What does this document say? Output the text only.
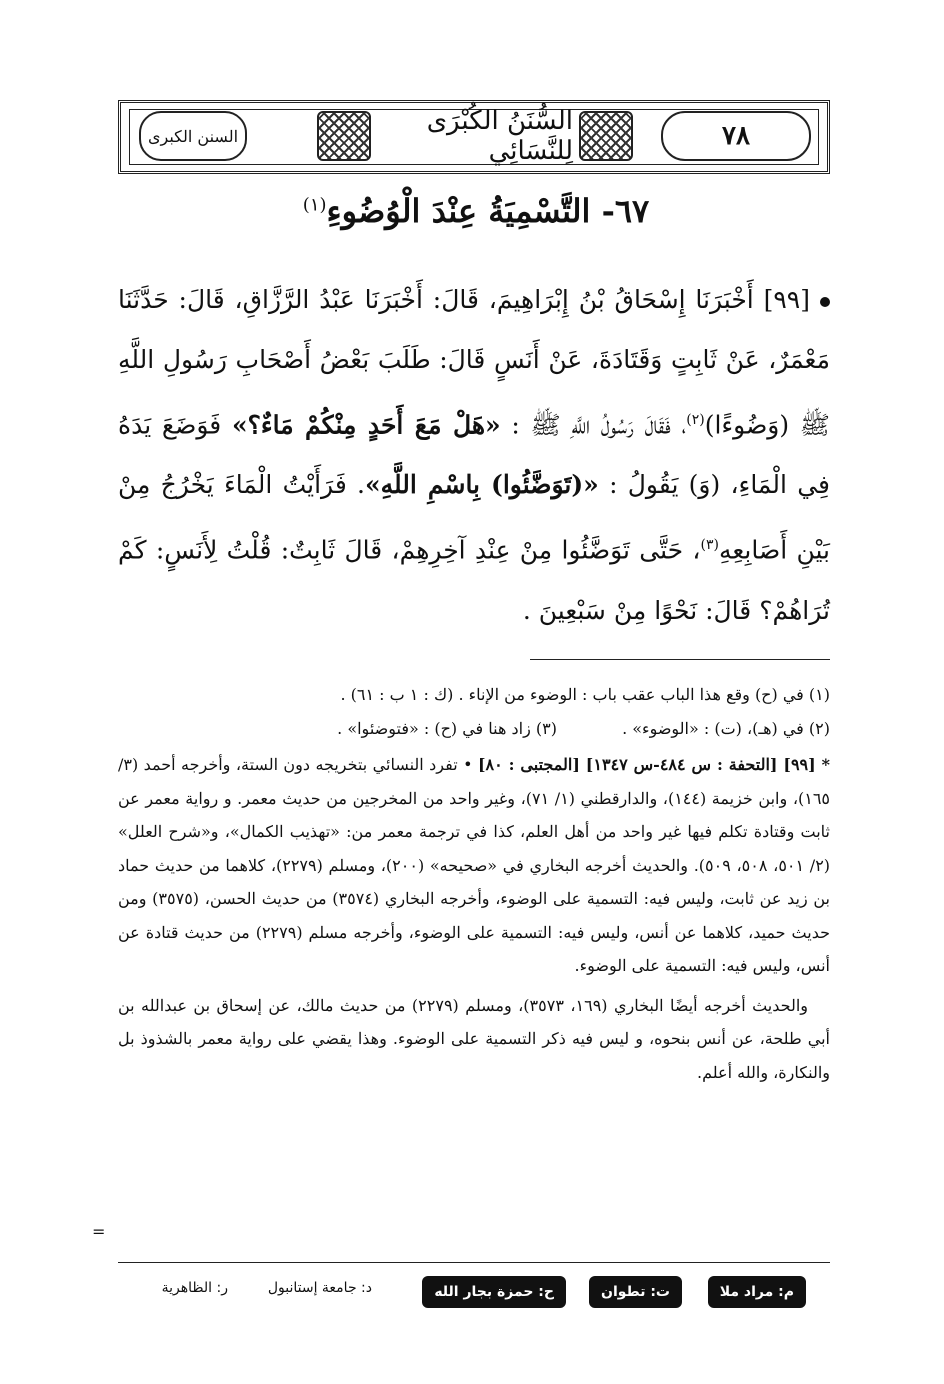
السنن الكبرى	السُّنَنُ الكُبْرَى لِلنَّسَائِي	٧٨
٦٧- التَّسْمِيَةُ عِنْدَ الْوُضُوءِ$^{(١)}$
[٩٩] أَخْبَرَنَا إِسْحَاقُ بْنُ إِبْرَاهِيمَ، قَالَ: أَخْبَرَنَا عَبْدُ الرَّزَّاقِ، قَالَ: حَدَّثَنَا مَعْمَرٌ، عَنْ ثَابِتٍ وَقَتَادَةَ، عَنْ أَنَسٍ قَالَ: طَلَبَ بَعْضُ أَصْحَابِ رَسُولِ اللَّهِ ﷺ (وَضُوءًا)$^{(٢)}$، فَقَالَ رَسُولُ اللَّهِ ﷺ : «هَلْ مَعَ أَحَدٍ مِنْكُمْ مَاءٌ؟» فَوَضَعَ يَدَهُ فِي الْمَاءِ، (وَ) يَقُولُ : «(تَوَضَّئُوا) بِاسْمِ اللَّهِ». فَرَأَيْتُ الْمَاءَ يَخْرُجُ مِنْ بَيْنِ أَصَابِعِهِ$^{(٣)}$، حَتَّى تَوَضَّئُوا مِنْ عِنْدِ آخِرِهِمْ، قَالَ ثَابِتٌ: قُلْتُ لِأَنَسٍ: كَمْ تُرَاهُمْ؟ قَالَ: نَحْوًا مِنْ سَبْعِينَ .
(١) في (ح) وقع هذا الباب عقب باب : الوضوء من الإناء . (ك : ١ ب : ٦١) .
(٢) في (هـ)، (ت) : «الوضوء» . (٣) زاد هنا في (ح) : «فتوضئوا» .

* [٩٩] [التحفة : س ٤٨٤-س ١٣٤٧] [المجتبى : ٨٠] • تفرد النسائي بتخريجه دون الستة، وأخرجه أحمد (٣/ ١٦٥)، وابن خزيمة (١٤٤)، والدارقطني (١/ ٧١)، وغير واحد من المخرجين من حديث معمر. و رواية معمر عن ثابت وقتادة تكلم فيها غير واحد من أهل العلم، كذا في ترجمة معمر من: «تهذيب الكمال»، و«شرح العلل» (٢/ ٥٠١، ٥٠٨، ٥٠٩). والحديث أخرجه البخاري في «صحيحه» (٢٠٠)، ومسلم (٢٢٧٩)، كلاهما من حديث حماد بن زيد عن ثابت، وليس فيه: التسمية على الوضوء، وأخرجه البخاري (٣٥٧٤) من حديث الحسن، (٣٥٧٥) ومن حديث حميد، كلاهما عن أنس، وليس فيه: التسمية على الوضوء، وأخرجه مسلم (٢٢٧٩) من حديث قتادة عن أنس، وليس فيه: التسمية على الوضوء.

والحديث أخرجه أيضًا البخاري (١٦٩، ٣٥٧٣)، ومسلم (٢٢٧٩) من حديث مالك، عن إسحاق بن عبدالله بن أبي طلحة، عن أنس بنحوه، و ليس فيه ذكر التسمية على الوضوء. وهذا يقضي على رواية معمر بالشذوذ بل والنكارة، والله أعلم.

=
م: مراد ملا
ت: تطوان
ح: حمزة بجار الله
د: جامعة إستانبول
ر: الظاهرية
